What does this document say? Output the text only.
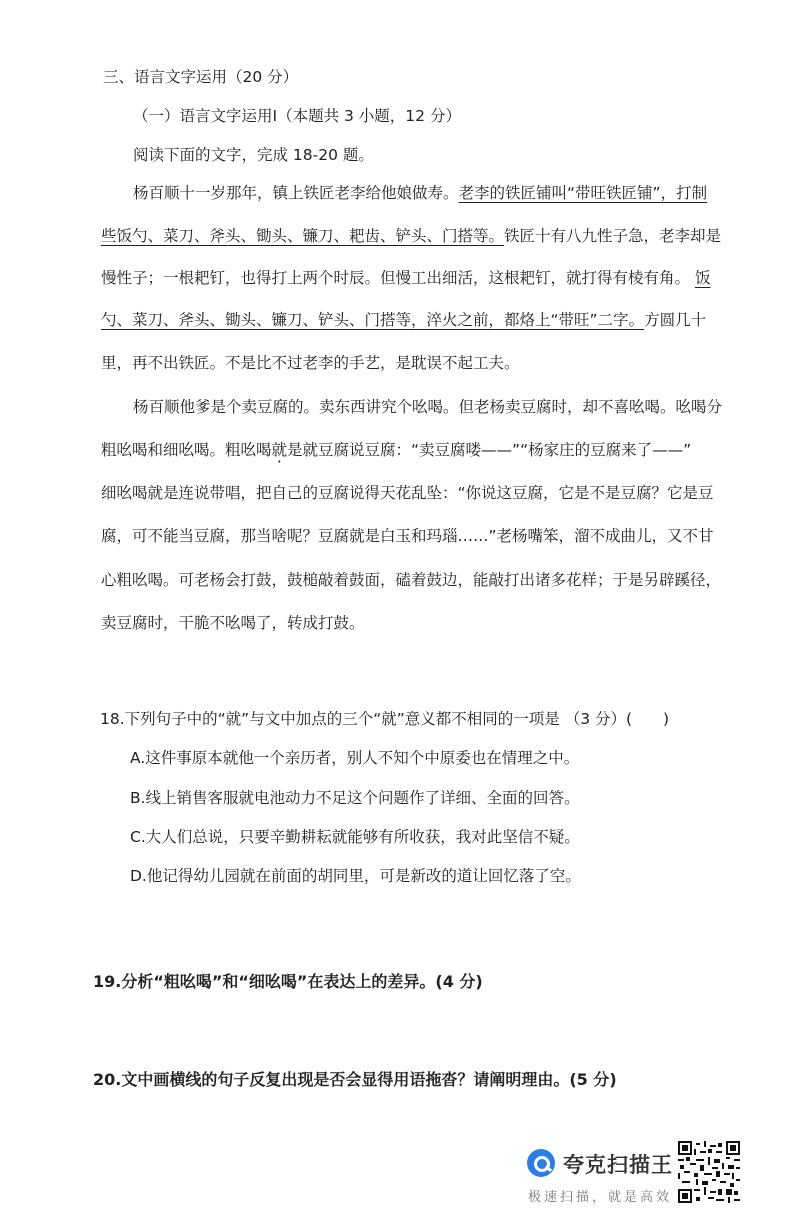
三、语言文字运用（20 分）
（一）语言文字运用Ⅰ（本题共 3 小题，12 分）
阅读下面的文字，完成 18-20 题。
杨百顺十一岁那年，镇上铁匠老李给他娘做寿。老李的铁匠铺叫“带旺铁匠铺”，打制
些饭勺、菜刀、斧头、锄头、镰刀、耙齿、铲头、门搭等。铁匠十有八九性子急，老李却是
慢性子；一根耙钉，也得打上两个时辰。但慢工出细活，这根耙钉，就打得有棱有角。 饭
勺、菜刀、斧头、锄头、镰刀、铲头、门搭等，淬火之前，都烙上“带旺”二字。方圆几十
里，再不出铁匠。不是比不过老李的手艺，是耽误不起工夫。
杨百顺他爹是个卖豆腐的。卖东西讲究个吆喝。但老杨卖豆腐时，却不喜吆喝。吆喝分
粗吆喝和细吆喝。粗吆喝就是就豆腐说豆腐：“卖豆腐喽——”“杨家庄的豆腐来了——”
细吆喝就是连说带唱，把自己的豆腐说得天花乱坠：“你说这豆腐，它是不是豆腐？它是豆
腐，可不能当豆腐，那当啥呢？豆腐就是白玉和玛瑙……”老杨嘴笨，溜不成曲儿，又不甘
心粗吆喝。可老杨会打鼓，鼓槌敲着鼓面，磕着鼓边，能敲打出诸多花样；于是另辟蹊径，
卖豆腐时，干脆不吆喝了，转成打鼓。
18.下列句子中的“就”与文中加点的三个“就”意义都不相同的一项是 （3 分）(　　)
A.这件事原本就他一个亲历者，别人不知个中原委也在情理之中。
B.线上销售客服就电池动力不足这个问题作了详细、全面的回答。
C.大人们总说，只要辛勤耕耘就能够有所收获，我对此坚信不疑。
D.他记得幼儿园就在前面的胡同里，可是新改的道让回忆落了空。
19.分析“粗吆喝”和“细吆喝”在表达上的差异。(4 分)
20.文中画横线的句子反复出现是否会显得用语拖沓？请阐明理由。(5 分)
夸克扫描王
极速扫描，就是高效
